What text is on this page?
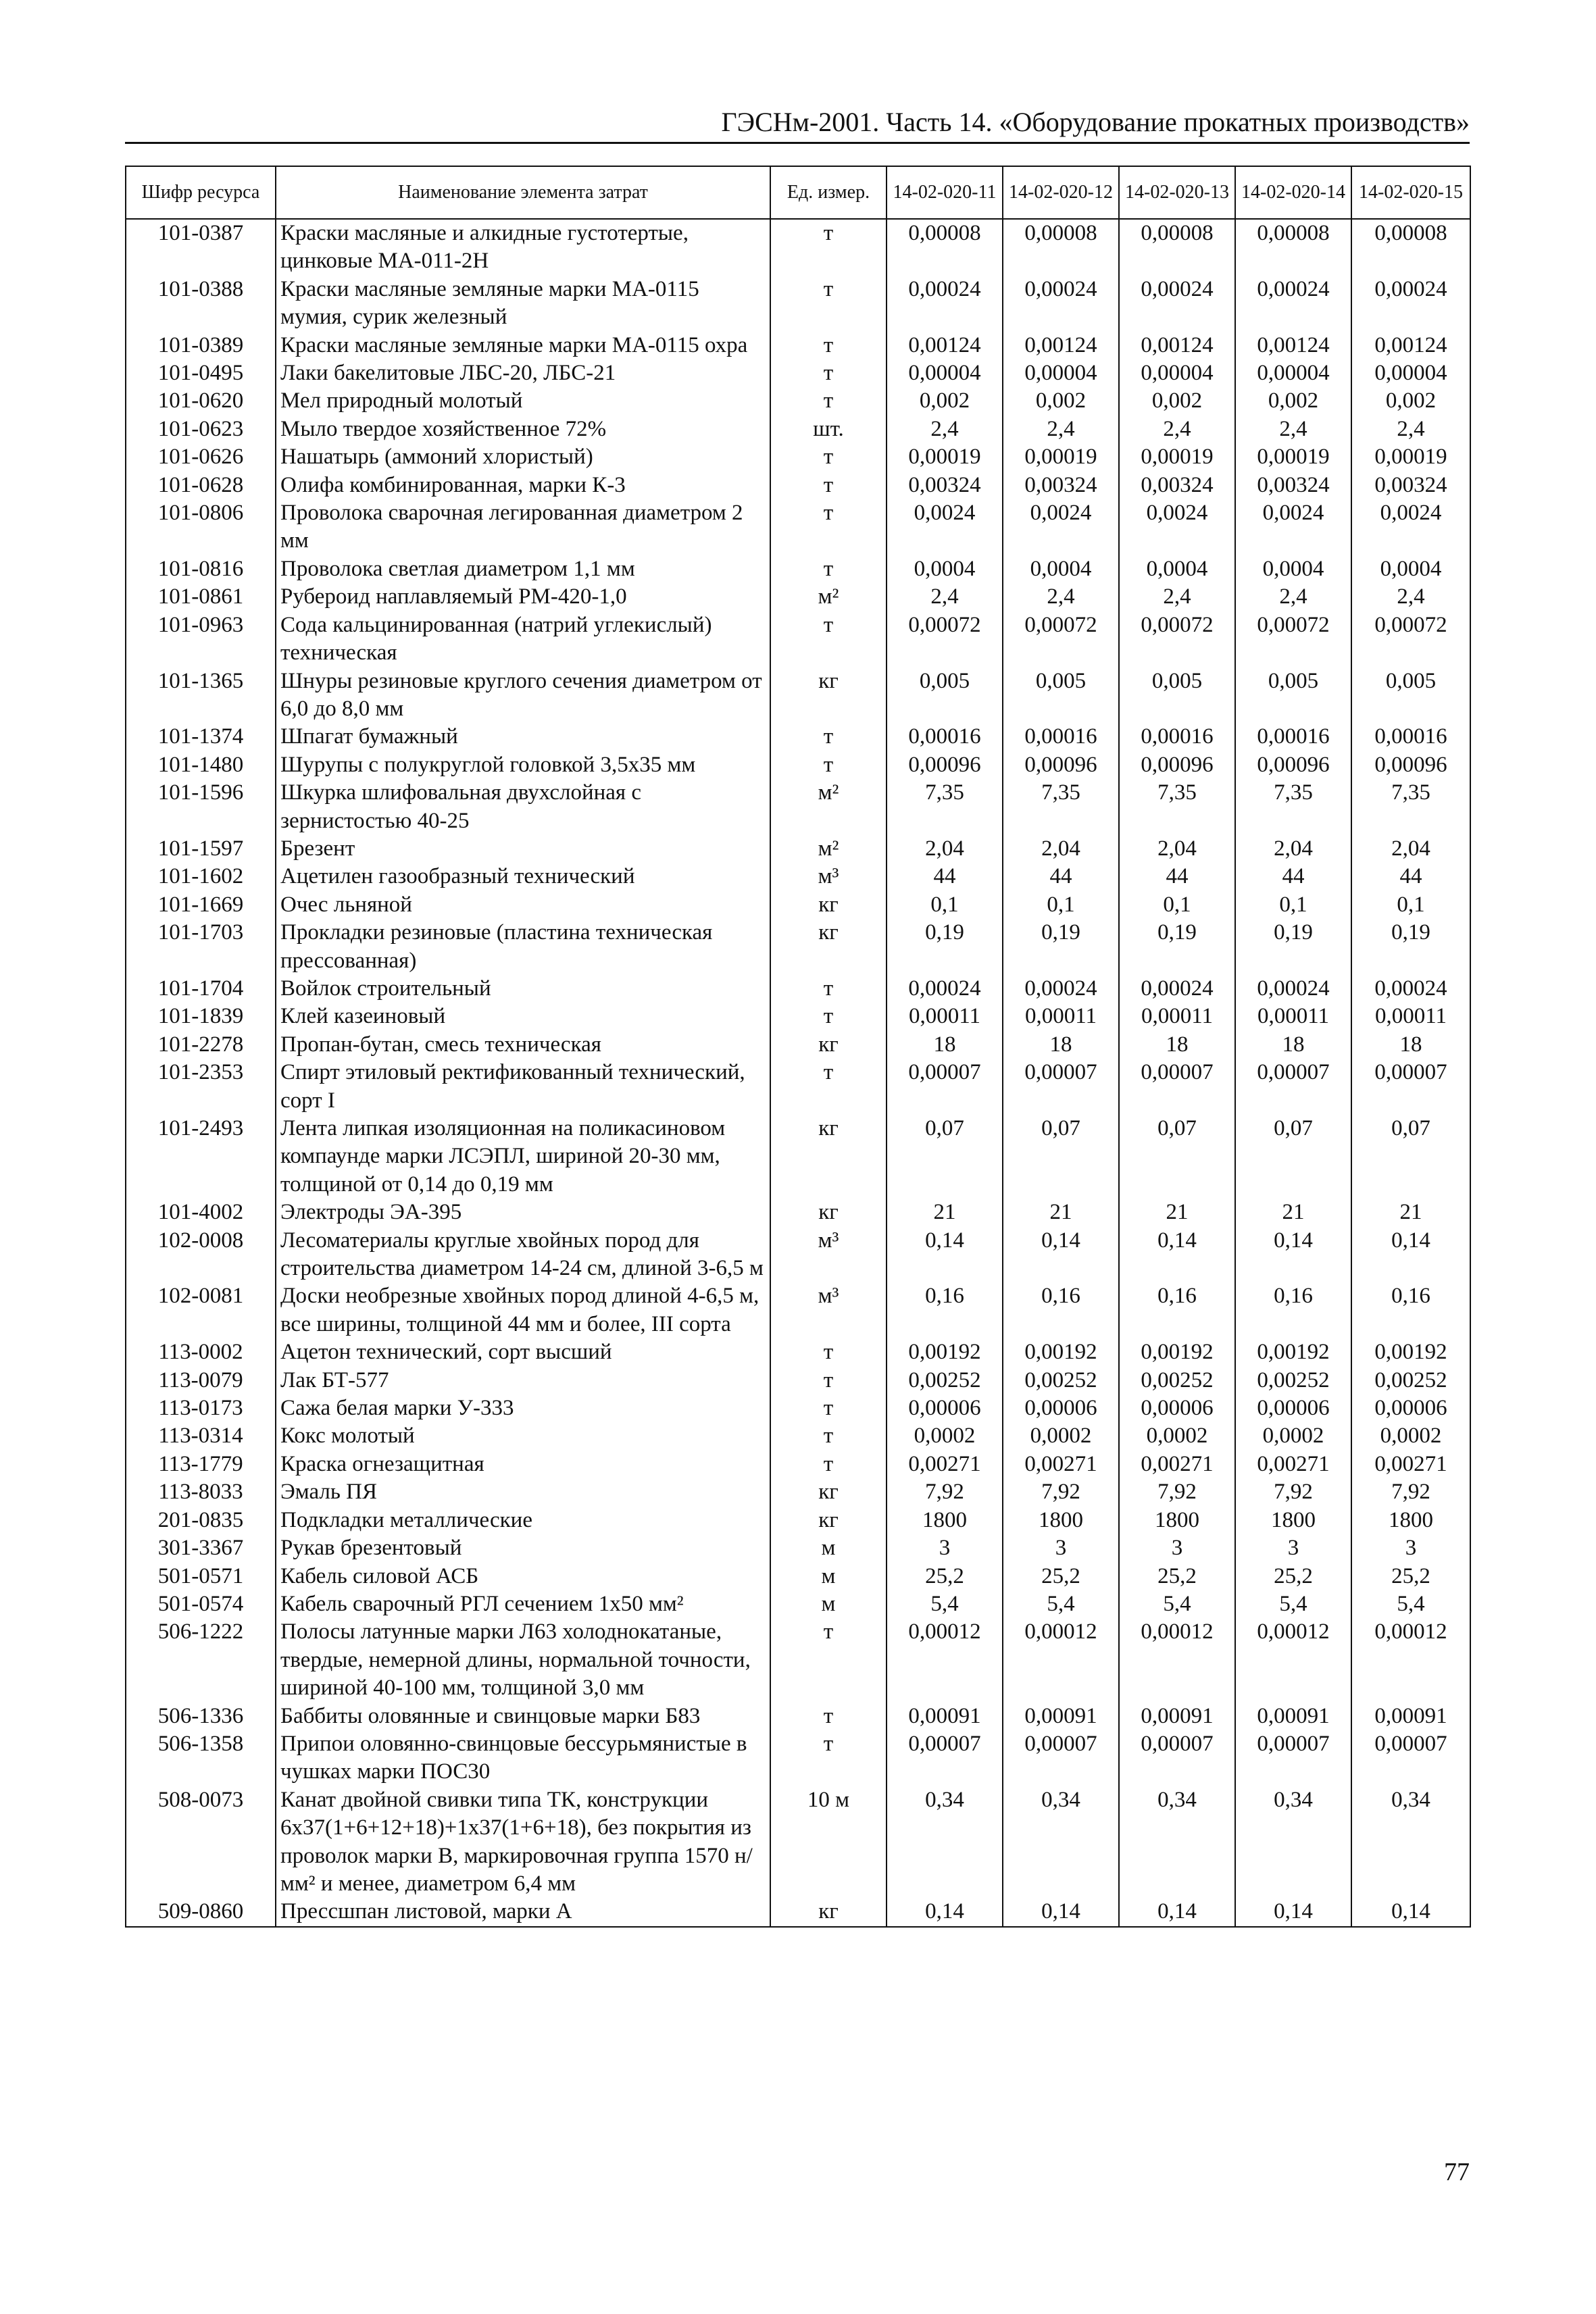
ГЭСНм-2001. Часть 14. «Оборудование прокатных производств»
Шифр ресурса	Наименование элемента затрат	Ед. измер.	14-02-020-11	14-02-020-12	14-02-020-13	14-02-020-14	14-02-020-15
101-0387	Краски масляные и алкидные густотертые, цинковые МА-011-2Н	т	0,00008	0,00008	0,00008	0,00008	0,00008
101-0388	Краски масляные земляные марки МА-0115 мумия, сурик железный	т	0,00024	0,00024	0,00024	0,00024	0,00024
101-0389	Краски масляные земляные марки МА-0115 охра	т	0,00124	0,00124	0,00124	0,00124	0,00124
101-0495	Лаки бакелитовые ЛБС-20, ЛБС-21	т	0,00004	0,00004	0,00004	0,00004	0,00004
101-0620	Мел природный молотый	т	0,002	0,002	0,002	0,002	0,002
101-0623	Мыло твердое хозяйственное 72%	шт.	2,4	2,4	2,4	2,4	2,4
101-0626	Нашатырь (аммоний хлористый)	т	0,00019	0,00019	0,00019	0,00019	0,00019
101-0628	Олифа комбинированная, марки К-3	т	0,00324	0,00324	0,00324	0,00324	0,00324
101-0806	Проволока сварочная легированная диаметром 2 мм	т	0,0024	0,0024	0,0024	0,0024	0,0024
101-0816	Проволока светлая диаметром 1,1 мм	т	0,0004	0,0004	0,0004	0,0004	0,0004
101-0861	Рубероид наплавляемый РМ-420-1,0	м²	2,4	2,4	2,4	2,4	2,4
101-0963	Сода кальцинированная (натрий углекислый) техническая	т	0,00072	0,00072	0,00072	0,00072	0,00072
101-1365	Шнуры резиновые круглого сечения диаметром от 6,0 до 8,0 мм	кг	0,005	0,005	0,005	0,005	0,005
101-1374	Шпагат бумажный	т	0,00016	0,00016	0,00016	0,00016	0,00016
101-1480	Шурупы с полукруглой головкой 3,5х35 мм	т	0,00096	0,00096	0,00096	0,00096	0,00096
101-1596	Шкурка шлифовальная двухслойная с зернистостью 40-25	м²	7,35	7,35	7,35	7,35	7,35
101-1597	Брезент	м²	2,04	2,04	2,04	2,04	2,04
101-1602	Ацетилен газообразный технический	м³	44	44	44	44	44
101-1669	Очес льняной	кг	0,1	0,1	0,1	0,1	0,1
101-1703	Прокладки резиновые (пластина техническая прессованная)	кг	0,19	0,19	0,19	0,19	0,19
101-1704	Войлок строительный	т	0,00024	0,00024	0,00024	0,00024	0,00024
101-1839	Клей казеиновый	т	0,00011	0,00011	0,00011	0,00011	0,00011
101-2278	Пропан-бутан, смесь техническая	кг	18	18	18	18	18
101-2353	Спирт этиловый ректификованный технический, сорт I	т	0,00007	0,00007	0,00007	0,00007	0,00007
101-2493	Лента липкая изоляционная на поликасиновом компаунде марки ЛСЭПЛ, шириной 20-30 мм, толщиной от 0,14 до 0,19 мм	кг	0,07	0,07	0,07	0,07	0,07
101-4002	Электроды ЭА-395	кг	21	21	21	21	21
102-0008	Лесоматериалы круглые хвойных пород для строительства диаметром 14-24 см, длиной 3-6,5 м	м³	0,14	0,14	0,14	0,14	0,14
102-0081	Доски необрезные хвойных пород длиной 4-6,5 м, все ширины, толщиной 44 мм и более, III сорта	м³	0,16	0,16	0,16	0,16	0,16
113-0002	Ацетон технический, сорт высший	т	0,00192	0,00192	0,00192	0,00192	0,00192
113-0079	Лак БТ-577	т	0,00252	0,00252	0,00252	0,00252	0,00252
113-0173	Сажа белая марки У-333	т	0,00006	0,00006	0,00006	0,00006	0,00006
113-0314	Кокс молотый	т	0,0002	0,0002	0,0002	0,0002	0,0002
113-1779	Краска огнезащитная	т	0,00271	0,00271	0,00271	0,00271	0,00271
113-8033	Эмаль ПЯ	кг	7,92	7,92	7,92	7,92	7,92
201-0835	Подкладки металлические	кг	1800	1800	1800	1800	1800
301-3367	Рукав брезентовый	м	3	3	3	3	3
501-0571	Кабель силовой АСБ	м	25,2	25,2	25,2	25,2	25,2
501-0574	Кабель сварочный РГЛ сечением 1х50 мм²	м	5,4	5,4	5,4	5,4	5,4
506-1222	Полосы латунные марки Л63 холоднокатаные, твердые, немерной длины, нормальной точности, шириной 40-100 мм, толщиной 3,0 мм	т	0,00012	0,00012	0,00012	0,00012	0,00012
506-1336	Баббиты оловянные и свинцовые марки Б83	т	0,00091	0,00091	0,00091	0,00091	0,00091
506-1358	Припои оловянно-свинцовые бессурьмянистые в чушках марки ПОС30	т	0,00007	0,00007	0,00007	0,00007	0,00007
508-0073	Канат двойной свивки типа ТК, конструкции 6х37(1+6+12+18)+1х37(1+6+18), без покрытия из проволок марки В, маркировочная группа 1570 н/мм² и менее, диаметром 6,4 мм	10 м	0,34	0,34	0,34	0,34	0,34
509-0860	Прессшпан листовой, марки А	кг	0,14	0,14	0,14	0,14	0,14
77
